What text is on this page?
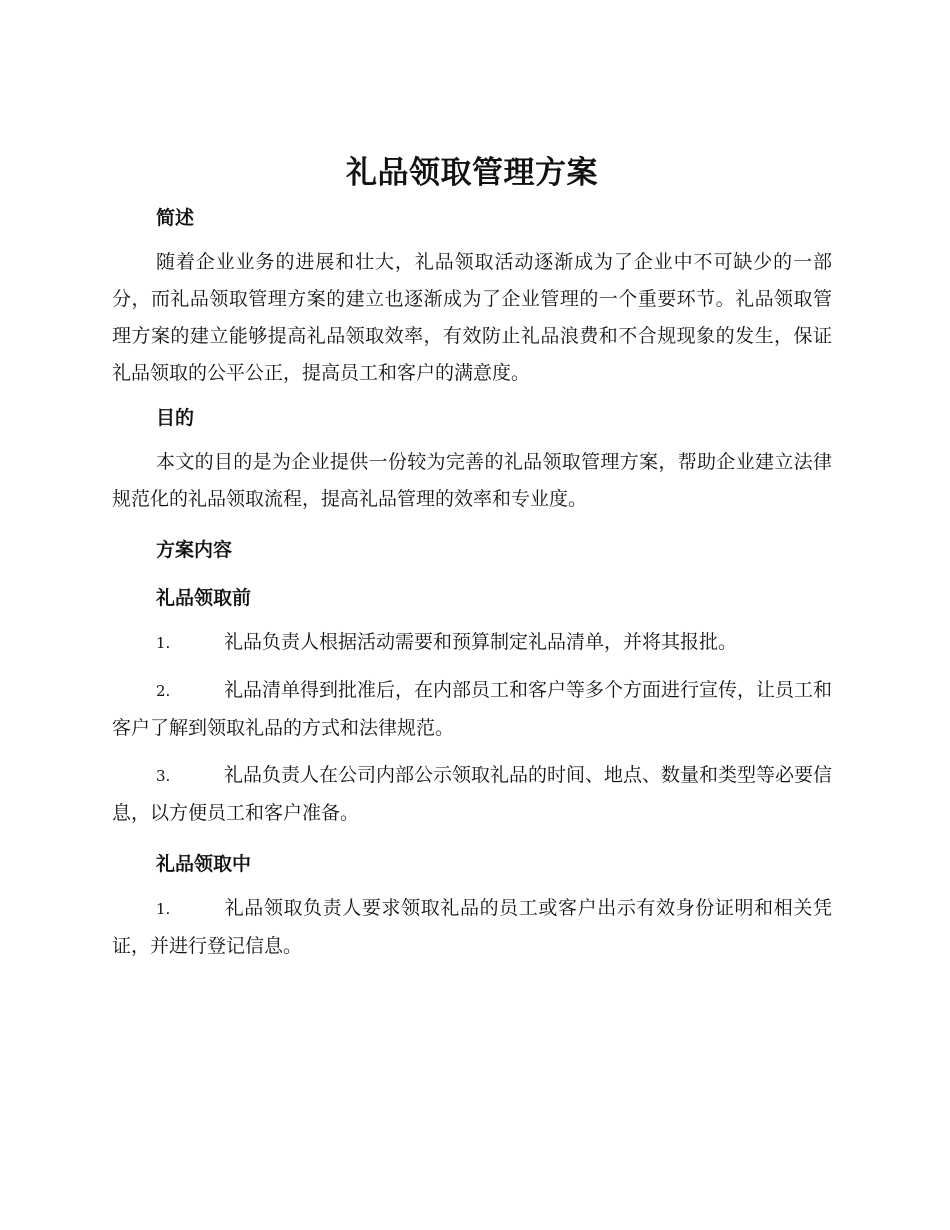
礼品领取管理方案
简述

随着企业业务的进展和壮大，礼品领取活动逐渐成为了企业中不可缺少的一部分，而礼品领取管理方案的建立也逐渐成为了企业管理的一个重要环节。礼品领取管理方案的建立能够提高礼品领取效率，有效防止礼品浪费和不合规现象的发生，保证礼品领取的公平公正，提高员工和客户的满意度。

目的

本文的目的是为企业提供一份较为完善的礼品领取管理方案，帮助企业建立法律规范化的礼品领取流程，提高礼品管理的效率和专业度。

方案内容
礼品领取前

1.	礼品负责人根据活动需要和预算制定礼品清单，并将其报批。

2.	礼品清单得到批准后，在内部员工和客户等多个方面进行宣传，让员工和客户了解到领取礼品的方式和法律规范。

3.	礼品负责人在公司内部公示领取礼品的时间、地点、数量和类型等必要信息，以方便员工和客户准备。

礼品领取中

1.	礼品领取负责人要求领取礼品的员工或客户出示有效身份证明和相关凭证，并进行登记信息。
